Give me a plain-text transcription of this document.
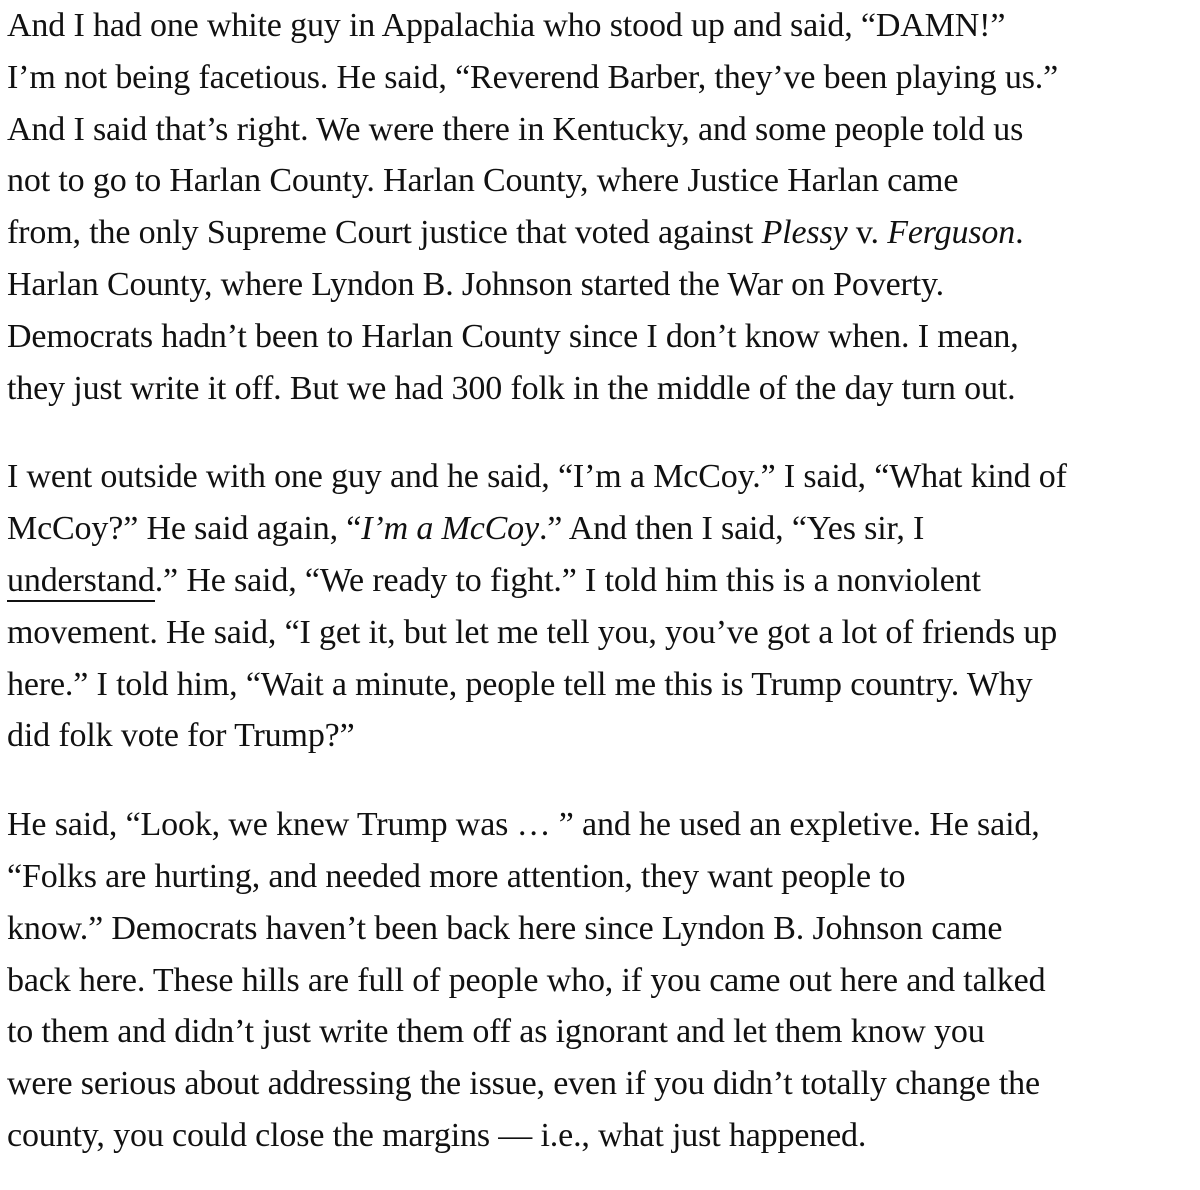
And I had one white guy in Appalachia who stood up and said, “DAMN!”
I’m not being facetious. He said, “Reverend Barber, they’ve been playing us.”
And I said that’s right. We were there in Kentucky, and some people told us
not to go to Harlan County. Harlan County, where Justice Harlan came
from, the only Supreme Court justice that voted against Plessy v. Ferguson.
Harlan County, where Lyndon B. Johnson started the War on Poverty.
Democrats hadn’t been to Harlan County since I don’t know when. I mean,
they just write it off. But we had 300 folk in the middle of the day turn out.

I went outside with one guy and he said, “I’m a McCoy.” I said, “What kind of
McCoy?” He said again, “I’m a McCoy.” And then I said, “Yes sir, I
understand.” He said, “We ready to fight.” I told him this is a nonviolent
movement. He said, “I get it, but let me tell you, you’ve got a lot of friends up
here.” I told him, “Wait a minute, people tell me this is Trump country. Why
did folk vote for Trump?”

He said, “Look, we knew Trump was … ” and he used an expletive. He said,
“Folks are hurting, and needed more attention, they want people to
know.” Democrats haven’t been back here since Lyndon B. Johnson came
back here. These hills are full of people who, if you came out here and talked
to them and didn’t just write them off as ignorant and let them know you
were serious about addressing the issue, even if you didn’t totally change the
county, you could close the margins — i.e., what just happened.
